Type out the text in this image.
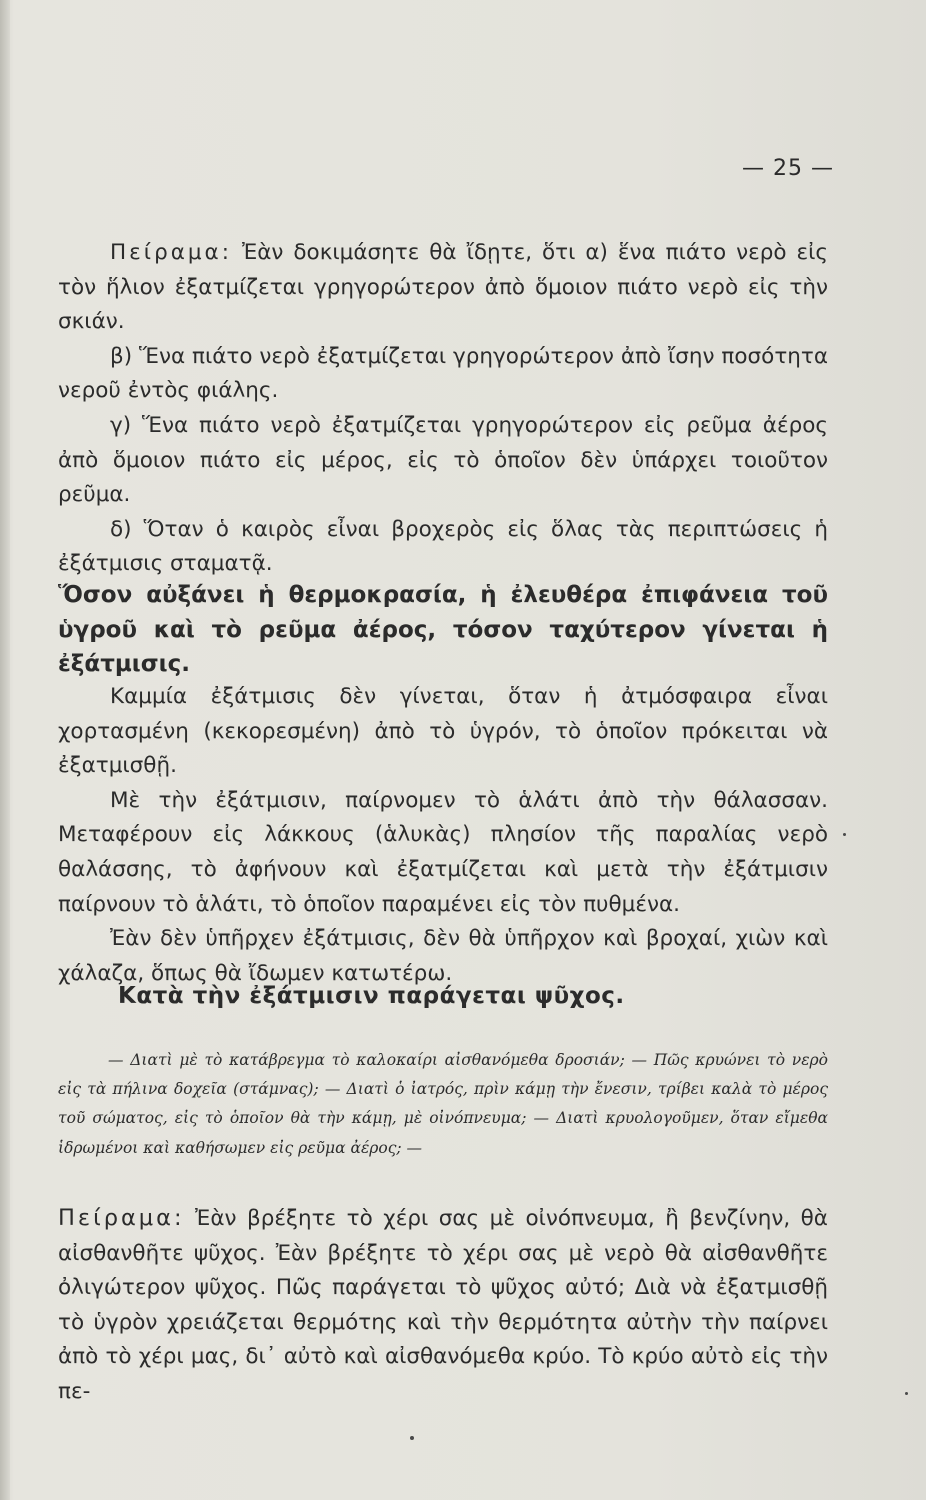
— 25 —

Πείραμα: Ἐὰν δοκιμάσητε θὰ ἴδῃτε, ὅτι α) ἕνα πιάτο νερὸ εἰς τὸν ἥλιον ἐξατμίζεται γρηγορώτερον ἀπὸ ὅμοιον πιάτο νερὸ εἰς τὴν σκιάν.

β) Ἕνα πιάτο νερὸ ἐξατμίζεται γρηγορώτερον ἀπὸ ἴσην ποσότητα νεροῦ ἐντὸς φιάλης.

γ) Ἕνα πιάτο νερὸ ἐξατμίζεται γρηγορώτερον εἰς ρεῦμα ἀέρος ἀπὸ ὅμοιον πιάτο εἰς μέρος, εἰς τὸ ὁποῖον δὲν ὑπάρχει τοιοῦτον ρεῦμα.

δ) Ὅταν ὁ καιρὸς εἶναι βροχερὸς εἰς ὅλας τὰς περιπτώσεις ἡ ἐξάτμισις σταματᾷ.

Ὅσον αὐξάνει ἡ θερμοκρασία, ἡ ἐλευθέρα ἐπιφάνεια τοῦ ὑγροῦ καὶ τὸ ρεῦμα ἀέρος, τόσον ταχύτερον γίνεται ἡ ἐξάτμισις.

Καμμία ἐξάτμισις δὲν γίνεται, ὅταν ἡ ἀτμόσφαιρα εἶναι χορτασμένη (κεκορεσμένη) ἀπὸ τὸ ὑγρόν, τὸ ὁποῖον πρόκειται νὰ ἐξατμισθῇ.

Μὲ τὴν ἐξάτμισιν, παίρνομεν τὸ ἁλάτι ἀπὸ τὴν θάλασσαν. Μεταφέρουν εἰς λάκκους (ἁλυκὰς) πλησίον τῆς παραλίας νερὸ θαλάσσης, τὸ ἀφήνουν καὶ ἐξατμίζεται καὶ μετὰ τὴν ἐξάτμισιν παίρνουν τὸ ἁλάτι, τὸ ὁποῖον παραμένει εἰς τὸν πυθμένα.

Ἐὰν δὲν ὑπῆρχεν ἐξάτμισις, δὲν θὰ ὑπῆρχον καὶ βροχαί, χιὼν καὶ χάλαζα, ὅπως θὰ ἴδωμεν κατωτέρω.

Κατὰ τὴν ἐξάτμισιν παράγεται ψῦχος.

— Διατὶ μὲ τὸ κατάβρεγμα τὸ καλοκαίρι αἰσθανόμεθα δροσιάν; — Πῶς κρυώνει τὸ νερὸ εἰς τὰ πήλινα δοχεῖα (στάμνας); — Διατὶ ὁ ἰατρός, πρὶν κάμῃ τὴν ἔνεσιν, τρίβει καλὰ τὸ μέρος τοῦ σώματος, εἰς τὸ ὁποῖον θὰ τὴν κάμῃ, μὲ οἰνόπνευμα; — Διατὶ κρυολογοῦμεν, ὅταν εἴμεθα ἱδρωμένοι καὶ καθήσωμεν εἰς ρεῦμα ἀέρος; —

Πείραμα: Ἐὰν βρέξητε τὸ χέρι σας μὲ οἰνόπνευμα, ἢ βενζίνην, θὰ αἰσθανθῆτε ψῦχος. Ἐὰν βρέξητε τὸ χέρι σας μὲ νερὸ θὰ αἰσθανθῆτε ὀλιγώτερον ψῦχος. Πῶς παράγεται τὸ ψῦχος αὐτό; Διὰ νὰ ἐξατμισθῇ τὸ ὑγρὸν χρειάζεται θερμότης καὶ τὴν θερμότητα αὐτὴν τὴν παίρνει ἀπὸ τὸ χέρι μας, δι᾽ αὐτὸ καὶ αἰσθανόμεθα κρύο. Τὸ κρύο αὐτὸ εἰς τὴν πε-
